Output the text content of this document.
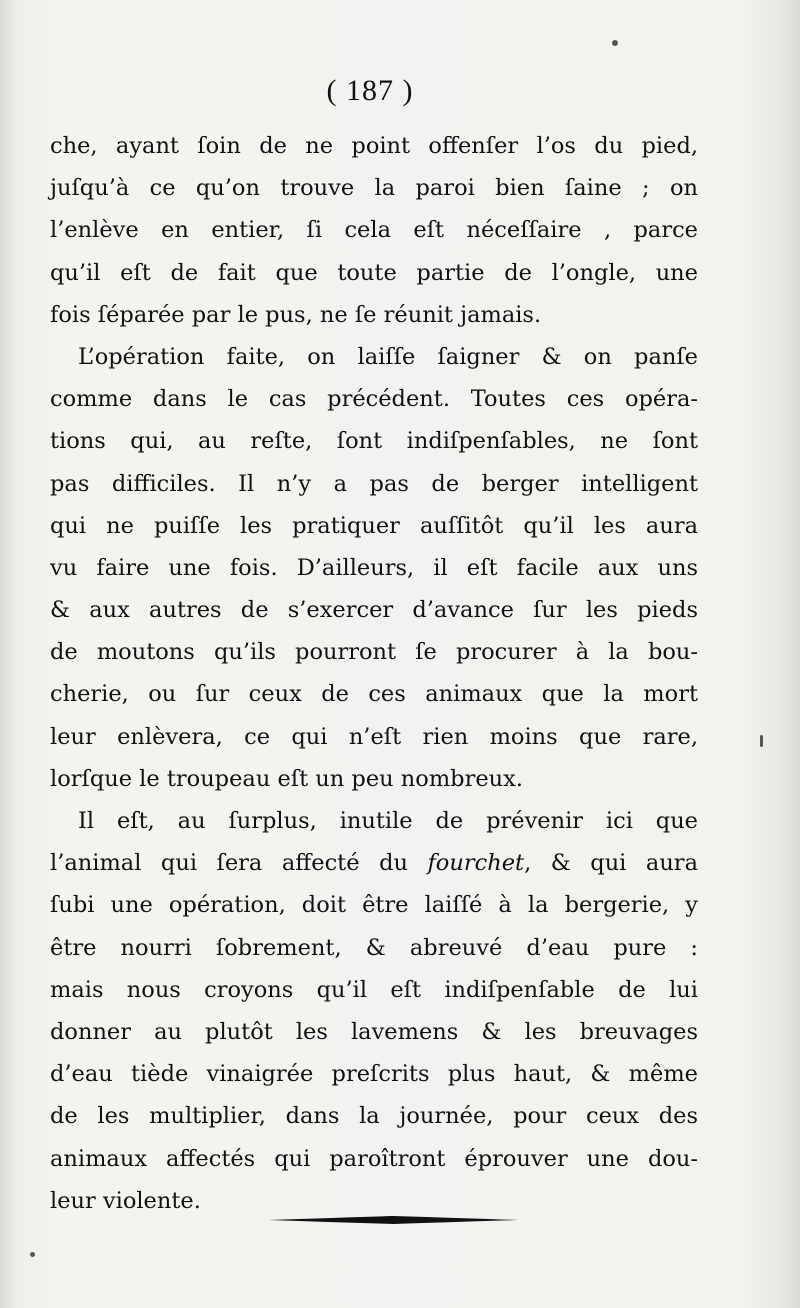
( 187 )
che, ayant ſoin de ne point offenſer l’os du pied,
juſqu’à ce qu’on trouve la paroi bien ſaine ; on
l’enlève en entier, ſi cela eſt néceſſaire , parce
qu’il eſt de fait que toute partie de l’ongle, une
fois ſéparée par le pus, ne ſe réunit jamais.
L’opération faite, on laiſſe ſaigner & on panſe
comme dans le cas précédent. Toutes ces opéra-
tions qui, au reſte, ſont indiſpenſables, ne ſont
pas difficiles. Il n’y a pas de berger intelligent
qui ne puiſſe les pratiquer auſſitôt qu’il les aura
vu faire une fois. D’ailleurs, il eſt facile aux uns
& aux autres de s’exercer d’avance ſur les pieds
de moutons qu’ils pourront ſe procurer à la bou-
cherie, ou ſur ceux de ces animaux que la mort
leur enlèvera, ce qui n’eſt rien moins que rare,
lorſque le troupeau eſt un peu nombreux.
Il eſt, au ſurplus, inutile de prévenir ici que
l’animal qui ſera affecté du fourchet, & qui aura
ſubi une opération, doit être laiſſé à la bergerie, y
être nourri ſobrement, & abreuvé d’eau pure :
mais nous croyons qu’il eſt indiſpenſable de lui
donner au plutôt les lavemens & les breuvages
d’eau tiède vinaigrée preſcrits plus haut, & même
de les multiplier, dans la journée, pour ceux des
animaux affectés qui paroîtront éprouver une dou-
leur violente.
